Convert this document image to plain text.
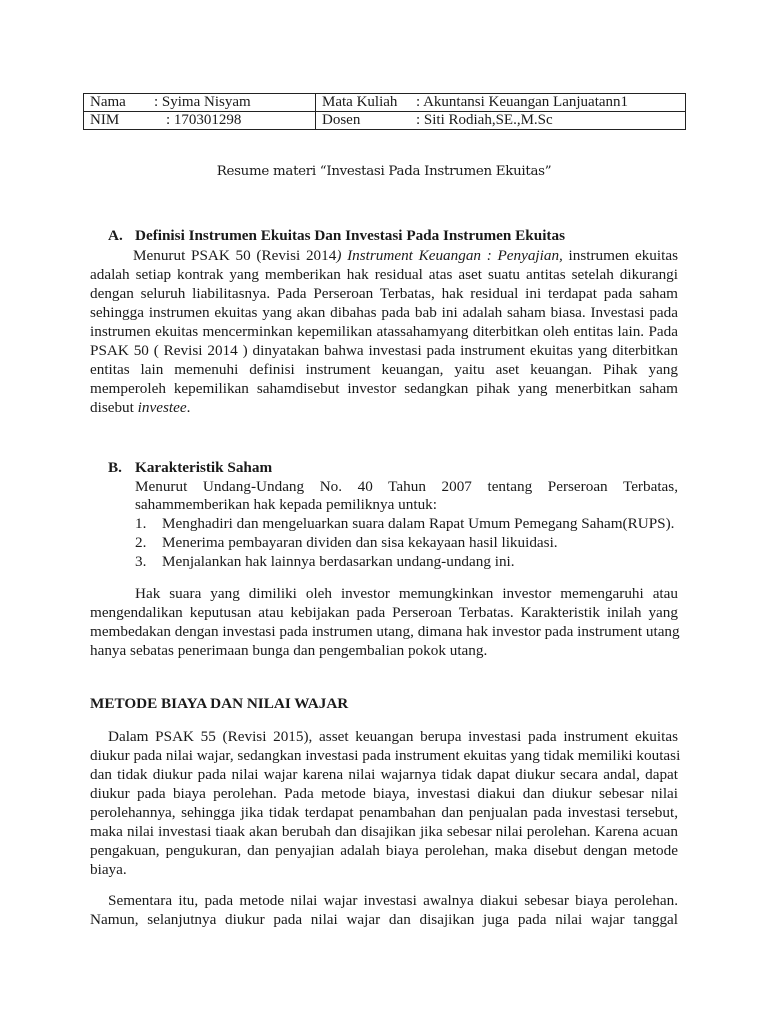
Nama : Syima Nisyam	Mata Kuliah : Akuntansi Keuangan Lanjuatann1
NIM : 170301298	Dosen : Siti Rodiah,SE.,M.Sc
Resume materi “Investasi Pada Instrumen Ekuitas”
A. Definisi Instrumen Ekuitas Dan Investasi Pada Instrumen Ekuitas
Menurut PSAK 50 (Revisi 2014) Instrument Keuangan : Penyajian, instrumen ekuitas
adalah setiap kontrak yang memberikan hak residual atas aset suatu antitas setelah dikurangi
dengan seluruh liabilitasnya. Pada Perseroan Terbatas, hak residual ini terdapat pada saham
sehingga instrumen ekuitas yang akan dibahas pada bab ini adalah saham biasa. Investasi pada
instrumen ekuitas mencerminkan kepemilikan atassahamyang diterbitkan oleh entitas lain. Pada
PSAK 50 ( Revisi 2014 ) dinyatakan bahwa investasi pada instrument ekuitas yang diterbitkan
entitas lain memenuhi definisi instrument keuangan, yaitu aset keuangan. Pihak yang
memperoleh kepemilikan sahamdisebut investor sedangkan pihak yang menerbitkan saham
disebut investee.
B. Karakteristik Saham
Menurut Undang-Undang No. 40 Tahun 2007 tentang Perseroan Terbatas,
sahammemberikan hak kepada pemiliknya untuk:
1. Menghadiri dan mengeluarkan suara dalam Rapat Umum Pemegang Saham(RUPS).
2. Menerima pembayaran dividen dan sisa kekayaan hasil likuidasi.
3. Menjalankan hak lainnya berdasarkan undang-undang ini.
Hak suara yang dimiliki oleh investor memungkinkan investor memengaruhi atau
mengendalikan keputusan atau kebijakan pada Perseroan Terbatas. Karakteristik inilah yang
membedakan dengan investasi pada instrumen utang, dimana hak investor pada instrument utang
hanya sebatas penerimaan bunga dan pengembalian pokok utang.
METODE BIAYA DAN NILAI WAJAR
Dalam PSAK 55 (Revisi 2015), asset keuangan berupa investasi pada instrument ekuitas
diukur pada nilai wajar, sedangkan investasi pada instrument ekuitas yang tidak memiliki koutasi
dan tidak diukur pada nilai wajar karena nilai wajarnya tidak dapat diukur secara andal, dapat
diukur pada biaya perolehan. Pada metode biaya, investasi diakui dan diukur sebesar nilai
perolehannya, sehingga jika tidak terdapat penambahan dan penjualan pada investasi tersebut,
maka nilai investasi tiaak akan berubah dan disajikan jika sebesar nilai perolehan. Karena acuan
pengakuan, pengukuran, dan penyajian adalah biaya perolehan, maka disebut dengan metode
biaya.
Sementara itu, pada metode nilai wajar investasi awalnya diakui sebesar biaya perolehan.
Namun, selanjutnya diukur pada nilai wajar dan disajikan juga pada nilai wajar tanggal
